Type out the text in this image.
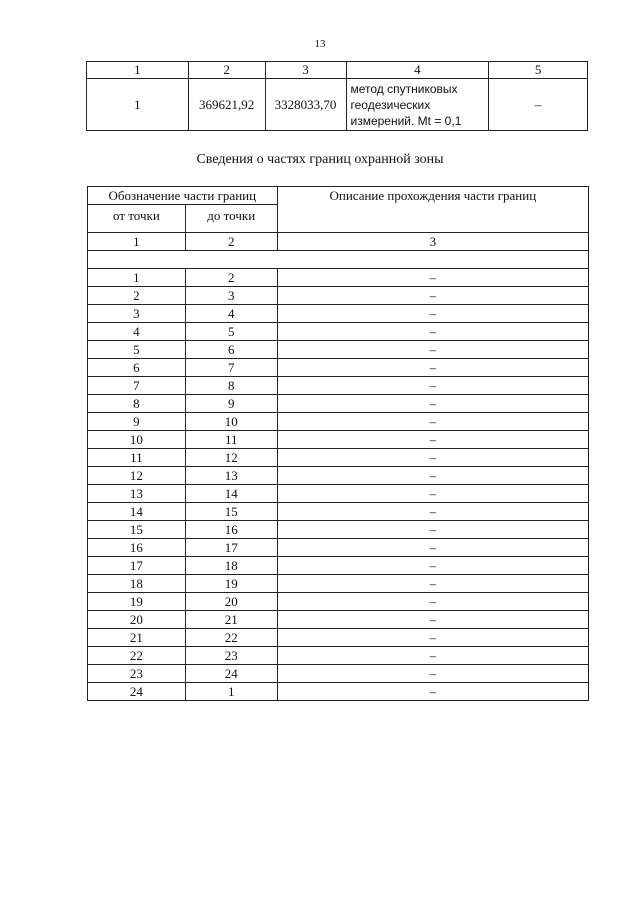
13
1	2	3	4	5
1	369621,92	3328033,70	метод спутниковых
геодезических
измерений. Mt = 0,1	–
Сведения о частях границ охранной зоны
Обозначение части границ		Описание прохождения части границ
от точки	до точки	
1	2	3

1	2	–
2	3	–
3	4	–
4	5	–
5	6	–
6	7	–
7	8	–
8	9	–
9	10	–
10	11	–
11	12	–
12	13	–
13	14	–
14	15	–
15	16	–
16	17	–
17	18	–
18	19	–
19	20	–
20	21	–
21	22	–
22	23	–
23	24	–
24	1	–
